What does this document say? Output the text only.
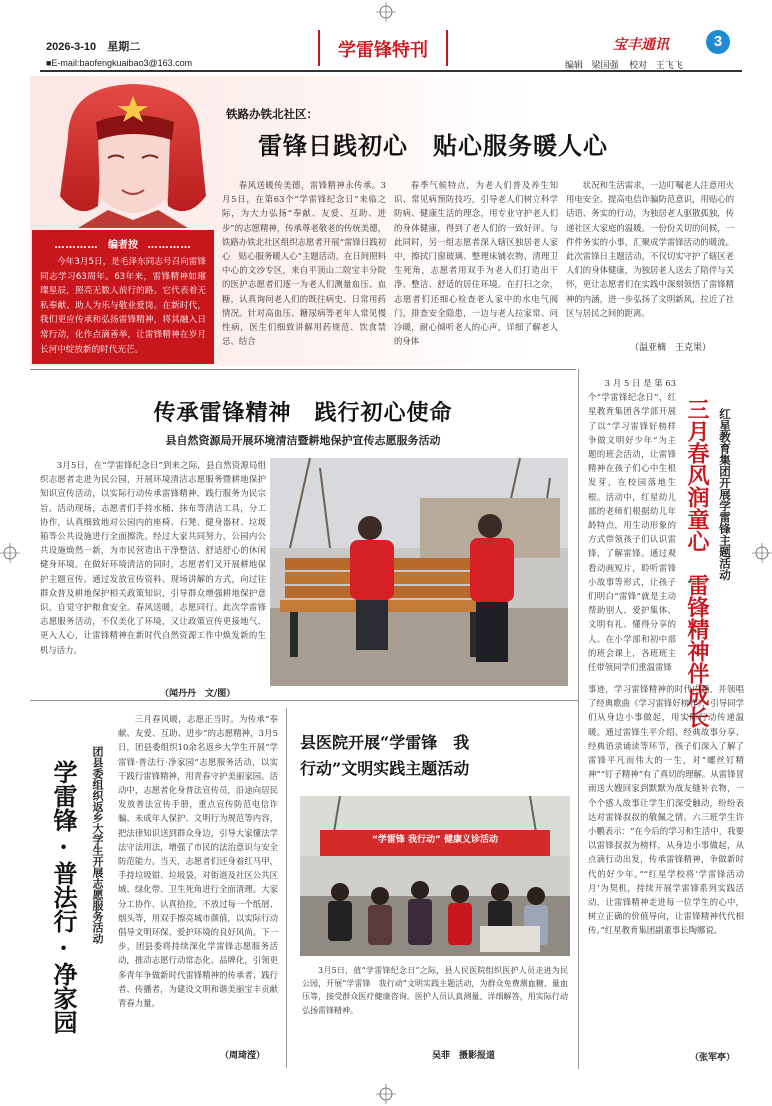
2026-3-10 星期二
■E-mail:baofengkuaibao3@163.com
学雷锋特刊	宝丰通讯	3
编辑 梁国强 校对 王飞飞
………… 编者按 …………
今年3月5日，是毛泽东同志号召向雷锋同志学习63周年。63年来，雷锋精神如璀璨星辰，照亮无数人前行的路。它代表着无私奉献、助人为乐与敬业爱岗。在新时代，我们更应传承和弘扬雷锋精神，将其融入日常行动，化作点滴善举，让雷锋精神在岁月长河中绽放新的时代光芒。
铁路办铁北社区：
雷锋日践初心　贴心服务暖人心

春风送暖传美德，雷锋精神永传承。3月5日，在第63个“学雷锋纪念日”来临之际，为大力弘扬“奉献、友爱、互助、进步”的志愿精神，传承尊老敬老的传统美德，铁路办铁北社区组织志愿者开展“雷锋日践初心　贴心服务暖人心”主题活动。在日间照料中心的文沙专区，来自平顶山二院宝丰分院的医护志愿者们逐一为老人们测量血压、血糖，认真询问老人们的既往病史、日常用药情况。针对高血压、糖尿病等老年人常见慢性病，医生们细致讲解用药规范、饮食禁忌、结合

春季气候特点，为老人们普及养生知识、常见病预防技巧，引导老人们树立科学防病、健康生活的理念，用专业守护老人们的身体健康，得到了老人们的一致好评。与此同时，另一组志愿者深入辖区独居老人家中，擦拭门窗玻璃、整理床铺衣物、清理卫生死角，志愿者用双手为老人们打造出干净、整洁、舒适的居住环境。在打扫之余，志愿者们还细心检查老人家中的水电气阀门，排查安全隐患，一边与老人拉家常、问冷暖，耐心倾听老人的心声，详细了解老人的身体

状况和生活需求，一边叮嘱老人注意用火用电安全、提高电信诈骗防范意识，用贴心的话语、务实的行动，为独居老人驱散孤独，传递社区大家庭的温暖。一份份关切的问候，一件件务实的小事，汇聚成学雷锋活动的暖流。此次雷锋日主题活动，不仅切实守护了辖区老人们的身体健康，为独居老人送去了陪伴与关怀，更让志愿者们在实践中深刻领悟了雷锋精神的内涵，进一步弘扬了文明新风，拉近了社区与居民之间的距离。

（温亚楠　王克果）
传承雷锋精神　践行初心使命
县自然资源局开展环境清洁暨耕地保护宣传志愿服务活动

3月5日，在“学雷锋纪念日”到来之际，县自然资源局组织志愿者走进为民公园，开展环境清洁志愿服务暨耕地保护知识宣传活动，以实际行动传承雷锋精神，践行服务为民宗旨。活动现场，志愿者们手持水桶、抹布等清洁工具，分工协作，认真细致地对公园内的座椅、石凳、健身器材、垃圾箱等公共设施进行全面擦洗。经过大家共同努力，公园内公共设施焕然一新，为市民营造出干净整洁、舒适舒心的休闲健身环境。在做好环境清洁的同时，志愿者们又开展耕地保护主题宣传。通过发放宣传资料、现场讲解的方式，向过往群众普及耕地保护相关政策知识，引导群众增强耕地保护意识，自觉守护粮食安全。春风送暖，志愿同行。此次学雷锋志愿服务活动，不仅美化了环境，又让政策宣传更接地气、更入人心，让雷锋精神在新时代自然资源工作中焕发新的生机与活力。

（闻丹丹　文/图）

3月5日是第63个“学雷锋纪念日”，红星教育集团各学部开展了以“学习雷锋好榜样　争做文明好少年”为主题的班会活动，让雷锋精神在孩子们心中生根发芽，在校园落地生根。活动中，红星幼儿部的老师们根据幼儿年龄特点，用生动形象的方式带领孩子们认识雷锋，了解雷锋。通过观看动画短片，聆听雷锋小故事等形式，让孩子们明白“雷锋”就是主动帮助别人、爱护集体、文明有礼、懂得分享的人。在小学部和初中部的班会课上，各班班主任带领同学们重温雷锋 三月春风润童心　雷锋精神伴成长 红星教育集团开展学雷锋主题活动

事迹，学习雷锋精神的时代内涵，并领唱了经典歌曲《学习雷锋好榜样》，引导同学们从身边小事做起，用实际行动传递温暖。通过雷锋生平介绍、经典故事分享、经典语录诵读等环节，孩子们深入了解了雷锋平凡而伟大的一生，对“螺丝钉精神”“钉子精神”有了真切的理解。从雷锋冒雨送大嫂回家到默默为战友缝补衣物，一个个感人故事让学生们深受触动，纷纷表达对雷锋叔叔的敬佩之情。六三班学生许小鹏表示：“在今后的学习和生活中，我要以雷锋叔叔为榜样，从身边小事做起，从点滴行动出发，传承雷锋精神，争做新时代的好少年。”“红星学校将‘学雷锋活动月’为契机，持续开展学雷锋系列实践活动，让雷锋精神走进每一位学生的心中，树立正确的价值导向，让雷锋精神代代相传。”红星教育集团副董事长陶娜说。

（张军亭）
学雷锋·普法行·净家园 团县委组织返乡大学生开展志愿服务活动

三月春风暖，志愿正当时。为传承“奉献、友爱、互助、进步”的志愿精神，3月5日，团县委组织10余名返乡大学生开展“学雷锋·普法行·净家园”志愿服务活动，以实干践行雷锋精神，用青春守护美丽家园。活动中，志愿者化身普法宣传员，沿途向居民发放普法宣传手册，重点宣传防范电信诈骗、未成年人保护、文明行为规范等内容，把法律知识送到群众身边，引导大家懂法学法守法用法，增强了市民的法治意识与安全防范能力。当天，志愿者们还身着红马甲，手持垃圾钳、垃圾袋，对街道及社区公共区域、绿化带、卫生死角进行全面清理。大家分工协作、认真拾捡，不放过每一个纸屑、烟头等，用双手擦亮城市颜值，以实际行动倡导文明环保、爱护环境的良好风尚。下一步，团县委将持续深化学雷锋志愿服务活动，推动志愿行动常态化、品牌化，引领更多青年争做新时代雷锋精神的传承者、践行者、传播者，为建设文明和谐美丽宝丰贡献青春力量。

（周琦滢）
县医院开展“学雷锋　我
行动”文明实践主题活动
“学雷锋 我行动” 健康义诊活动

3月5日，值“学雷锋纪念日”之际，县人民医院组织医护人员走进为民公园，开展“学雷锋　我行动”文明实践主题活动，为群众免费测血糖、量血压等，接受群众医疗健康咨询。医护人员认真测量、详细解答，用实际行动弘扬雷锋精神。

吴菲　摄影报道
